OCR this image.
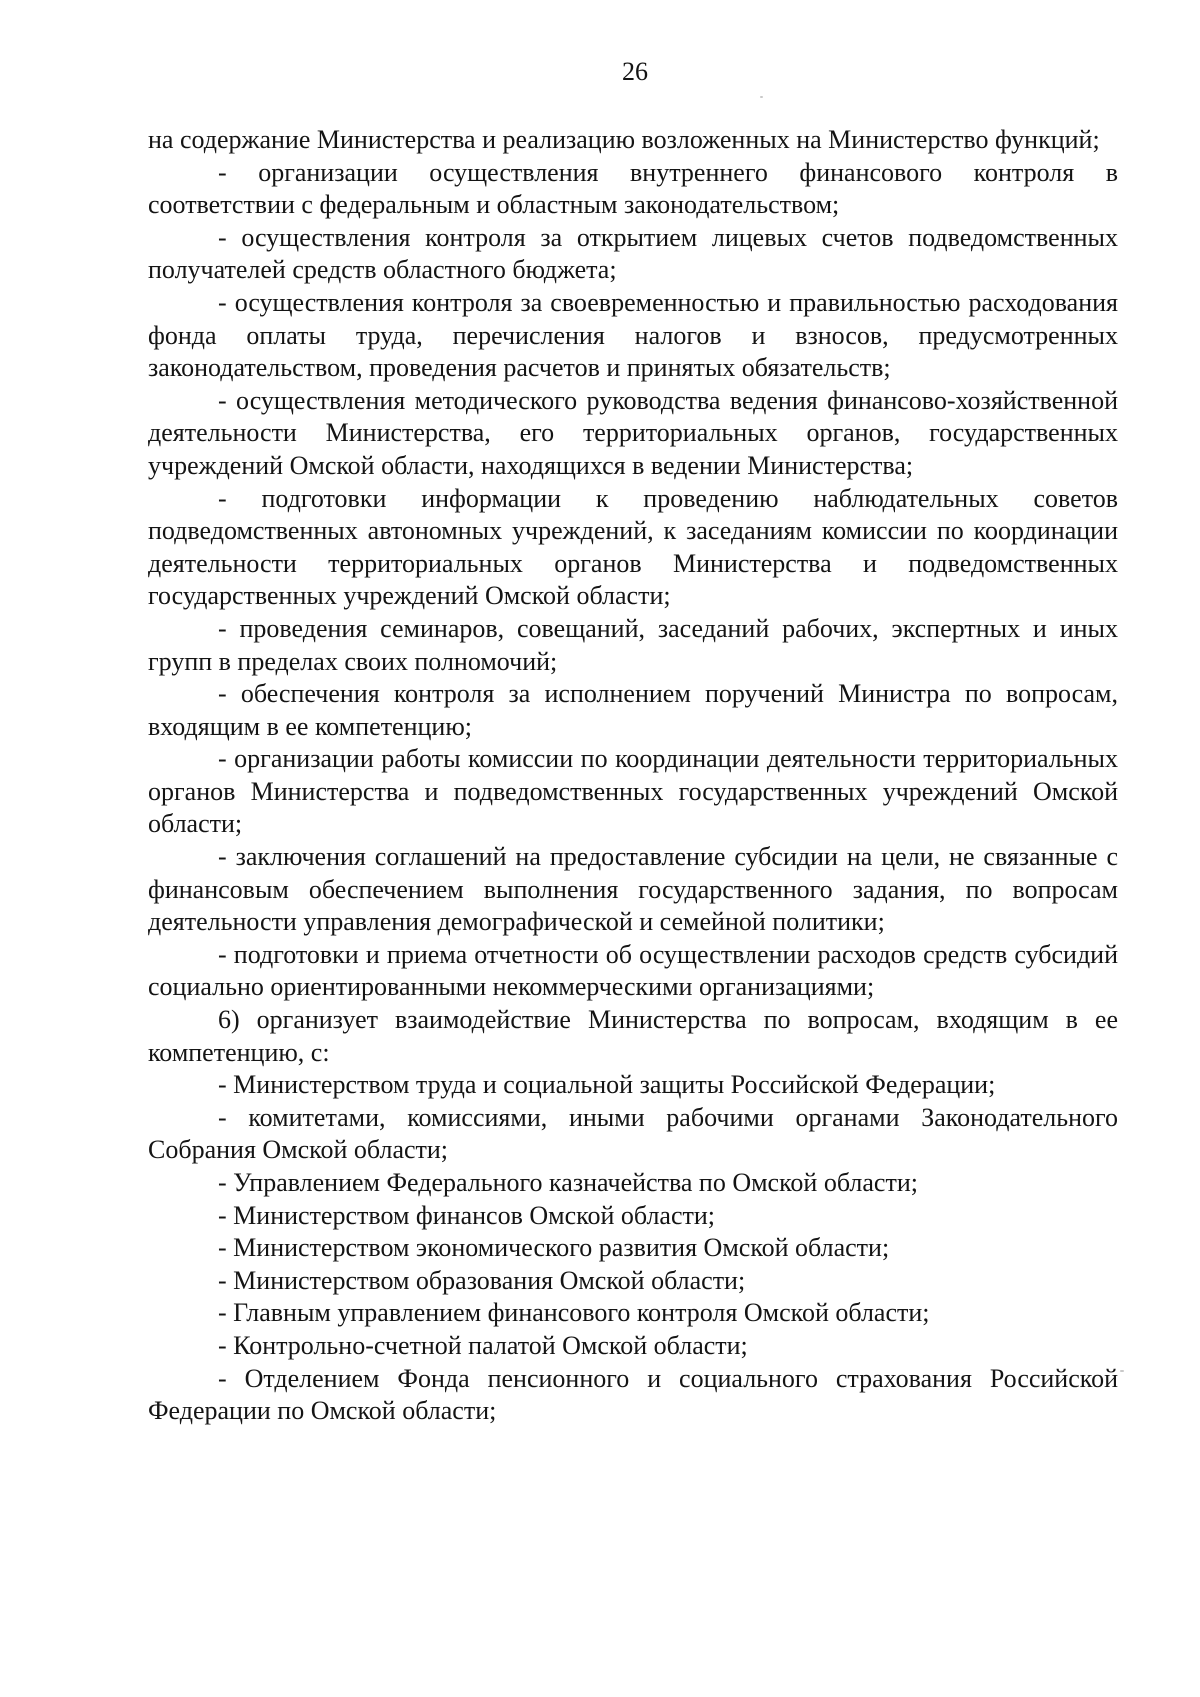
26

на содержание Министерства и реализацию возложенных на Министерство функций;

- организации осуществления внутреннего финансового контроля в соответствии с федеральным и областным законодательством;

- осуществления контроля за открытием лицевых счетов подведомственных получателей средств областного бюджета;

- осуществления контроля за своевременностью и правильностью расходования фонда оплаты труда, перечисления налогов и взносов, предусмотренных законодательством, проведения расчетов и принятых обязательств;

- осуществления методического руководства ведения финансово-хозяйственной деятельности Министерства, его территориальных органов, государственных учреждений Омской области, находящихся в ведении Министерства;

- подготовки информации к проведению наблюдательных советов подведомственных автономных учреждений, к заседаниям комиссии по координации деятельности территориальных органов Министерства и подведомственных государственных учреждений Омской области;

- проведения семинаров, совещаний, заседаний рабочих, экспертных и иных групп в пределах своих полномочий;

- обеспечения контроля за исполнением поручений Министра по вопросам, входящим в ее компетенцию;

- организации работы комиссии по координации деятельности территориальных органов Министерства и подведомственных государственных учреждений Омской области;

- заключения соглашений на предоставление субсидии на цели, не связанные с финансовым обеспечением выполнения государственного задания, по вопросам деятельности управления демографической и семейной политики;

- подготовки и приема отчетности об осуществлении расходов средств субсидий социально ориентированными некоммерческими организациями;

6) организует взаимодействие Министерства по вопросам, входящим в ее компетенцию, с:

- Министерством труда и социальной защиты Российской Федерации;

- комитетами, комиссиями, иными рабочими органами Законодательного Собрания Омской области;

- Управлением Федерального казначейства по Омской области;

- Министерством финансов Омской области;

- Министерством экономического развития Омской области;

- Министерством образования Омской области;

- Главным управлением финансового контроля Омской области;

- Контрольно-счетной палатой Омской области;

- Отделением Фонда пенсионного и социального страхования Российской Федерации по Омской области;
